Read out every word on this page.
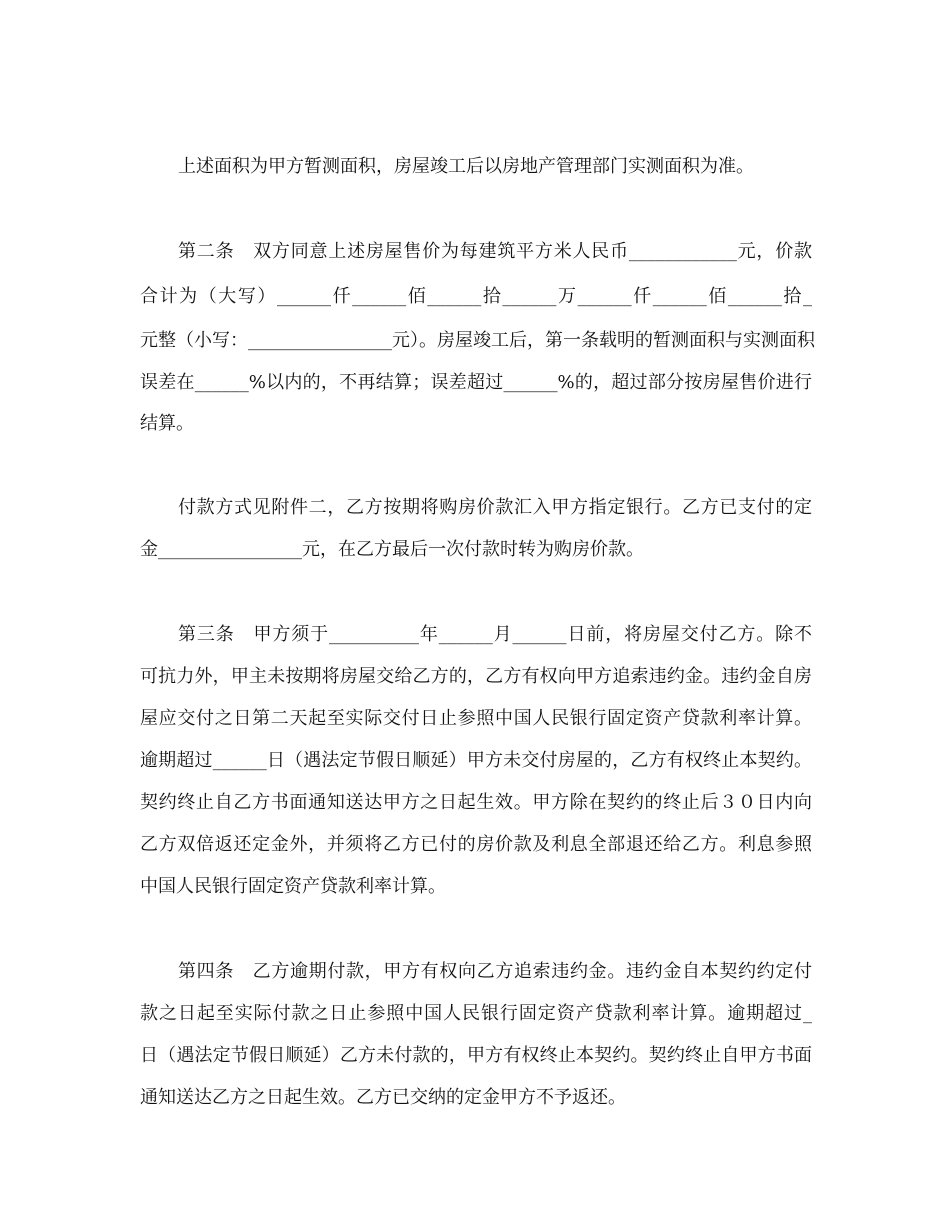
上述面积为甲方暂测面积，房屋竣工后以房地产管理部门实测面积为准。
第二条　双方同意上述房屋售价为每建筑平方米人民币____________元，价款
合计为（大写）______仟______佰______拾______万______仟______佰______拾_
元整（小写：________________元）。房屋竣工后，第一条载明的暂测面积与实测面积
误差在______%以内的，不再结算；误差超过______%的，超过部分按房屋售价进行
结算。
付款方式见附件二，乙方按期将购房价款汇入甲方指定银行。乙方已支付的定
金________________元，在乙方最后一次付款时转为购房价款。
第三条　甲方须于__________年______月______日前，将房屋交付乙方。除不
可抗力外，甲主未按期将房屋交给乙方的，乙方有权向甲方追索违约金。违约金自房
屋应交付之日第二天起至实际交付日止参照中国人民银行固定资产贷款利率计算。
逾期超过______日（遇法定节假日顺延）甲方未交付房屋的，乙方有权终止本契约。
契约终止自乙方书面通知送达甲方之日起生效。甲方除在契约的终止后３０日内向
乙方双倍返还定金外，并须将乙方已付的房价款及利息全部退还给乙方。利息参照
中国人民银行固定资产贷款利率计算。
第四条　乙方逾期付款，甲方有权向乙方追索违约金。违约金自本契约约定付
款之日起至实际付款之日止参照中国人民银行固定资产贷款利率计算。逾期超过_
日（遇法定节假日顺延）乙方未付款的，甲方有权终止本契约。契约终止自甲方书面
通知送达乙方之日起生效。乙方已交纳的定金甲方不予返还。
